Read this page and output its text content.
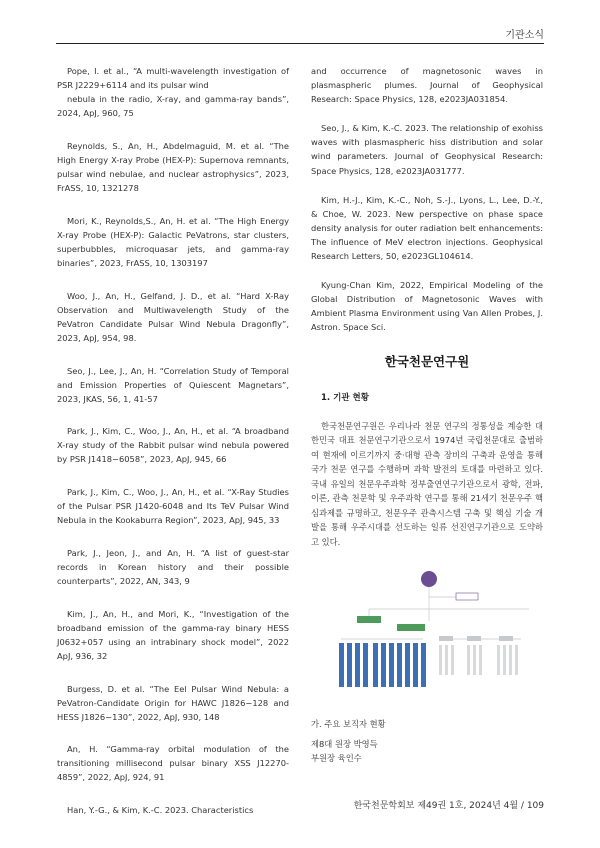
기관소식

Pope, I. et al., “A multi-wavelength investigation of PSR J2229+6114 and its pulsar wind

nebula in the radio, X-ray, and gamma-ray bands”, 2024, ApJ, 960, 75

Reynolds, S., An, H., Abdelmaguid, M. et al. “The High Energy X-ray Probe (HEX-P): Supernova remnants, pulsar wind nebulae, and nuclear astrophysics”, 2023, FrASS, 10, 1321278

Mori, K., Reynolds,S., An, H. et al. “The High Energy X-ray Probe (HEX-P): Galactic PeVatrons, star clusters, superbubbles, microquasar jets, and gamma-ray binaries”, 2023, FrASS, 10, 1303197

Woo, J., An, H., Gelfand, J. D., et al. “Hard X-Ray Observation and Multiwavelength Study of the PeVatron Candidate Pulsar Wind Nebula Dragonfly”, 2023, ApJ, 954, 98.

Seo, J., Lee, J., An, H. “Correlation Study of Temporal and Emission Properties of Quiescent Magnetars”, 2023, JKAS, 56, 1, 41-57

Park, J., Kim, C., Woo, J., An, H., et al. “A broadband X-ray study of the Rabbit pulsar wind nebula powered by PSR J1418−6058”, 2023, ApJ, 945, 66

Park, J., Kim, C., Woo, J., An, H., et al. “X-Ray Studies of the Pulsar PSR J1420-6048 and Its TeV Pulsar Wind Nebula in the Kookaburra Region”, 2023, ApJ, 945, 33

Park, J., Jeon, J., and An, H. “A list of guest-star records in Korean history and their possible counterparts”, 2022, AN, 343, 9

Kim, J., An, H., and Mori, K., “Investigation of the broadband emission of the gamma-ray binary HESS J0632+057 using an intrabinary shock model”, 2022 ApJ, 936, 32

Burgess, D. et al. “The Eel Pulsar Wind Nebula: a PeVatron-Candidate Origin for HAWC J1826−128 and HESS J1826−130”, 2022, ApJ, 930, 148

An, H. “Gamma-ray orbital modulation of the transitioning millisecond pulsar binary XSS J12270-4859”, 2022, ApJ, 924, 91

Han, Y.-G., & Kim, K.-C. 2023. Characteristics

and occurrence of magnetosonic waves in plasmaspheric plumes. Journal of Geophysical Research: Space Physics, 128, e2023JA031854.

Seo, J., & Kim, K.-C. 2023. The relationship of exohiss waves with plasmaspheric hiss distribution and solar wind parameters. Journal of Geophysical Research: Space Physics, 128, e2023JA031777.

Kim, H.-J., Kim, K.-C., Noh, S.-J., Lyons, L., Lee, D.-Y., & Choe, W. 2023. New perspective on phase space density analysis for outer radiation belt enhancements: The influence of MeV electron injections. Geophysical Research Letters, 50, e2023GL104614.

Kyung-Chan Kim, 2022, Empirical Modeling of the Global Distribution of Magnetosonic Waves with Ambient Plasma Environment using Van Allen Probes, J. Astron. Space Sci.

한국천문연구원
1. 기관 현황

한국천문연구원은 우리나라 천문 연구의 정통성을 계승한 대한민국 대표 천문연구기관으로서 1974년 국립천문대로 출범하여 현재에 이르기까지 중·대형 관측 장비의 구축과 운영을 통해 국가 천문 연구를 수행하며 과학 발전의 토대를 마련하고 있다. 국내 유일의 천문우주과학 정부출연연구기관으로서 광학, 전파, 이론, 관측 천문학 및 우주과학 연구를 통해 21세기 천문우주 핵심과제를 규명하고, 천문우주 관측시스템 구축 및 핵심 기술 개발을 통해 우주시대를 선도하는 일류 선진연구기관으로 도약하고 있다.

가. 주요 보직자 현황

제8대 원장 박영득

부원장 육인수

한국천문학회보 제49권 1호, 2024년 4월 / 109
